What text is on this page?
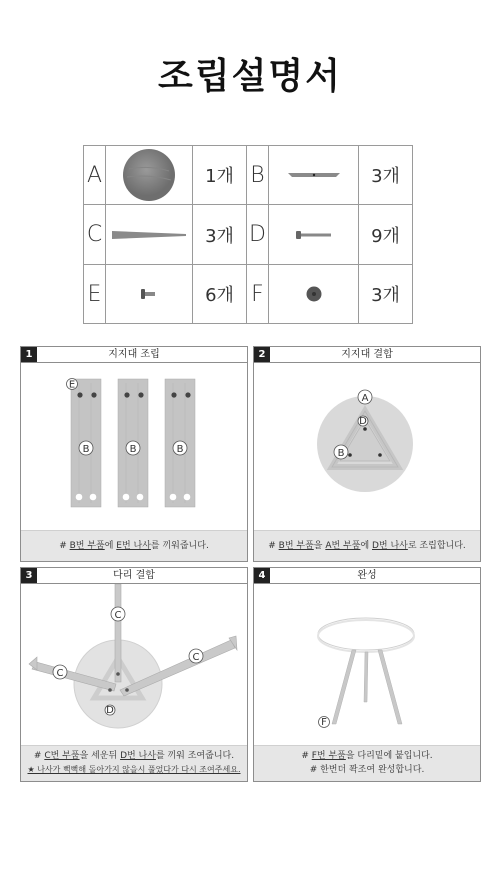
조립설명서
A		1개	B		3개
C		3개	D		9개
E		6개	F		3개
1	지지대 조립
E
B	B	B
# B번 부품에 E번 나사를 끼워줍니다.
2	지지대 결합
A
D
B
# B번 부품을 A번 부품에 D번 나사로 조립합니다.
3	다리 결합
C
C
C
D
# C번 부품을 세운뒤 D번 나사를 끼워 조여줍니다.
★ 나사가 뻑뻑해 돌아가지 않을시 풀었다가 다시 조여주세요.
4	완성
F
# F번 부품을 다리밑에 붙입니다.
# 한번더 꽉조여 완성합니다.
